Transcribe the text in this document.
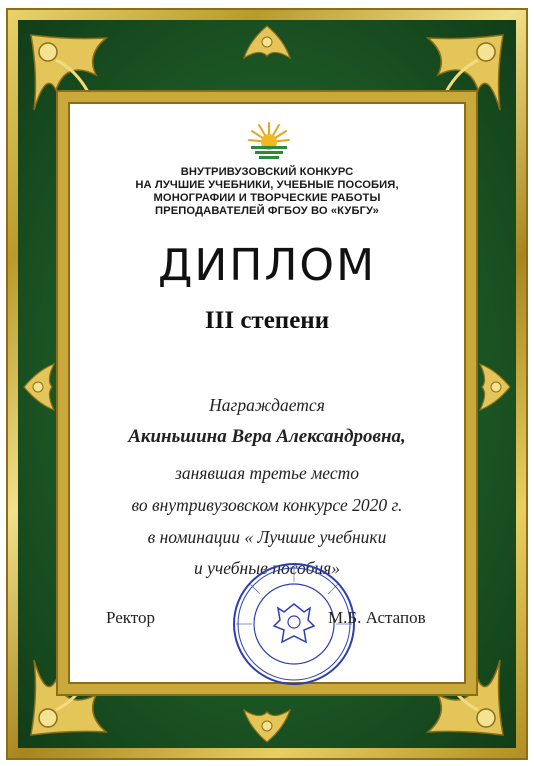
ВНУТРИВУЗОВСКИЙ КОНКУРС
НА ЛУЧШИЕ УЧЕБНИКИ, УЧЕБНЫЕ ПОСОБИЯ,
МОНОГРАФИИ И ТВОРЧЕСКИЕ РАБОТЫ
ПРЕПОДАВАТЕЛЕЙ ФГБОУ ВО «КУБГУ»
ДИПЛОМ
III степени
Награждается
Акиньшина Вера Александровна,
занявшая третье место
во внутривузовском конкурсе 2020 г.
в номинации « Лучшие учебники
и учебные пособия»
Ректор	М.Б. Астапов
